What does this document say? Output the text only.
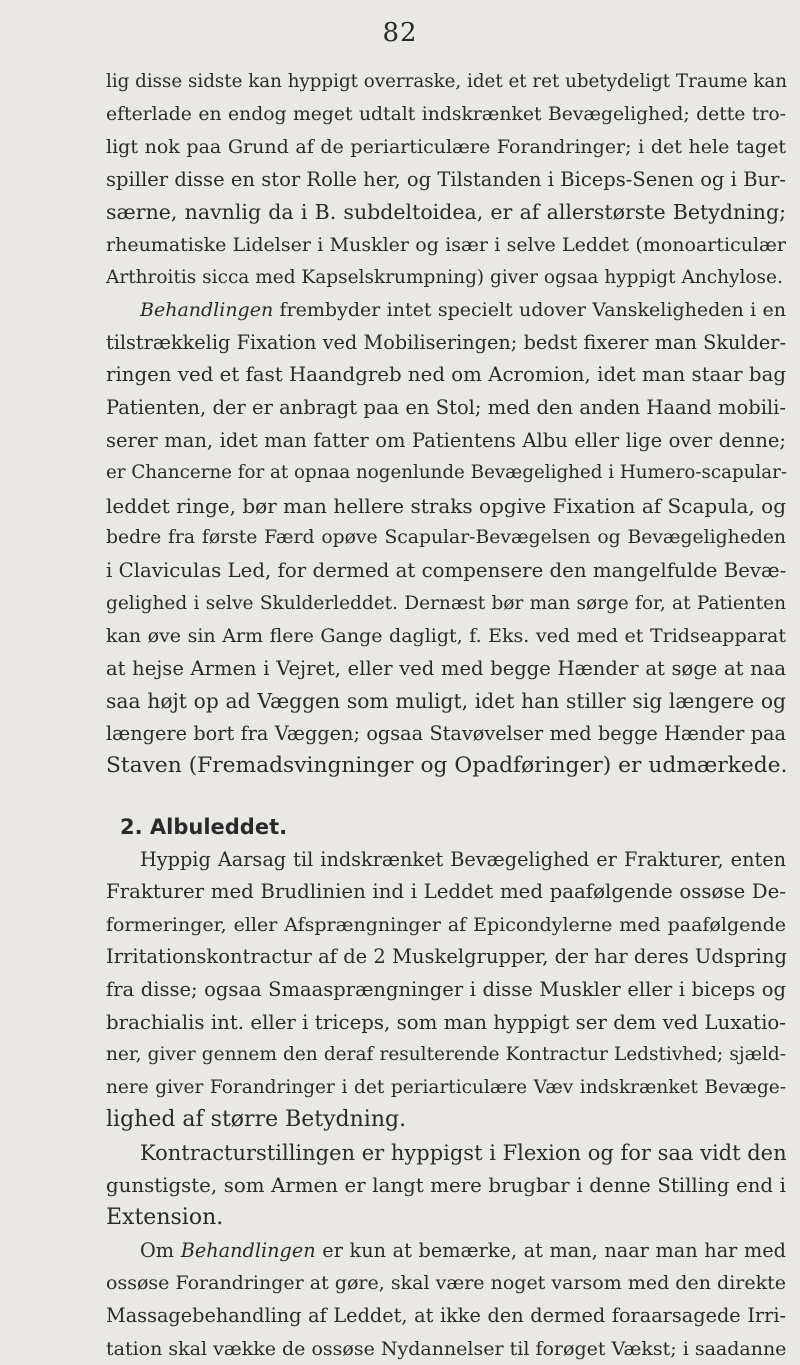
82
lig disse sidste kan hyppigt overraske, idet et ret ubetydeligt Traume kan
efterlade en endog meget udtalt indskrænket Bevægelighed; dette tro-
ligt nok paa Grund af de periarticulære Forandringer; i det hele taget
spiller disse en stor Rolle her, og Tilstanden i Biceps-Senen og i Bur-
særne, navnlig da i B. subdeltoidea, er af allerstørste Betydning;
rheumatiske Lidelser i Muskler og især i selve Leddet (monoarticulær
Arthroitis sicca med Kapselskrumpning) giver ogsaa hyppigt Anchylose.
Behandlingen frembyder intet specielt udover Vanskeligheden i en
tilstrækkelig Fixation ved Mobiliseringen; bedst fixerer man Skulder-
ringen ved et fast Haandgreb ned om Acromion, idet man staar bag
Patienten, der er anbragt paa en Stol; med den anden Haand mobili-
serer man, idet man fatter om Patientens Albu eller lige over denne;
er Chancerne for at opnaa nogenlunde Bevægelighed i Humero-scapular-
leddet ringe, bør man hellere straks opgive Fixation af Scapula, og
bedre fra første Færd opøve Scapular-Bevægelsen og Bevægeligheden
i Claviculas Led, for dermed at compensere den mangelfulde Bevæ-
gelighed i selve Skulderleddet. Dernæst bør man sørge for, at Patienten
kan øve sin Arm flere Gange dagligt, f. Eks. ved med et Tridseapparat
at hejse Armen i Vejret, eller ved med begge Hænder at søge at naa
saa højt op ad Væggen som muligt, idet han stiller sig længere og
længere bort fra Væggen; ogsaa Stavøvelser med begge Hænder paa
Staven (Fremadsvingninger og Opadføringer) er udmærkede.
2. Albuleddet.
Hyppig Aarsag til indskrænket Bevægelighed er Frakturer, enten
Frakturer med Brudlinien ind i Leddet med paafølgende ossøse De-
formeringer, eller Afsprængninger af Epicondylerne med paafølgende
Irritationskontractur af de 2 Muskelgrupper, der har deres Udspring
fra disse; ogsaa Smaasprængninger i disse Muskler eller i biceps og
brachialis int. eller i triceps, som man hyppigt ser dem ved Luxatio-
ner, giver gennem den deraf resulterende Kontractur Ledstivhed; sjæld-
nere giver Forandringer i det periarticulære Væv indskrænket Bevæge-
lighed af større Betydning.
Kontracturstillingen er hyppigst i Flexion og for saa vidt den
gunstigste, som Armen er langt mere brugbar i denne Stilling end i
Extension.
Om Behandlingen er kun at bemærke, at man, naar man har med
ossøse Forandringer at gøre, skal være noget varsom med den direkte
Massagebehandling af Leddet, at ikke den dermed foraarsagede Irri-
tation skal vække de ossøse Nydannelser til forøget Vækst; i saadanne
